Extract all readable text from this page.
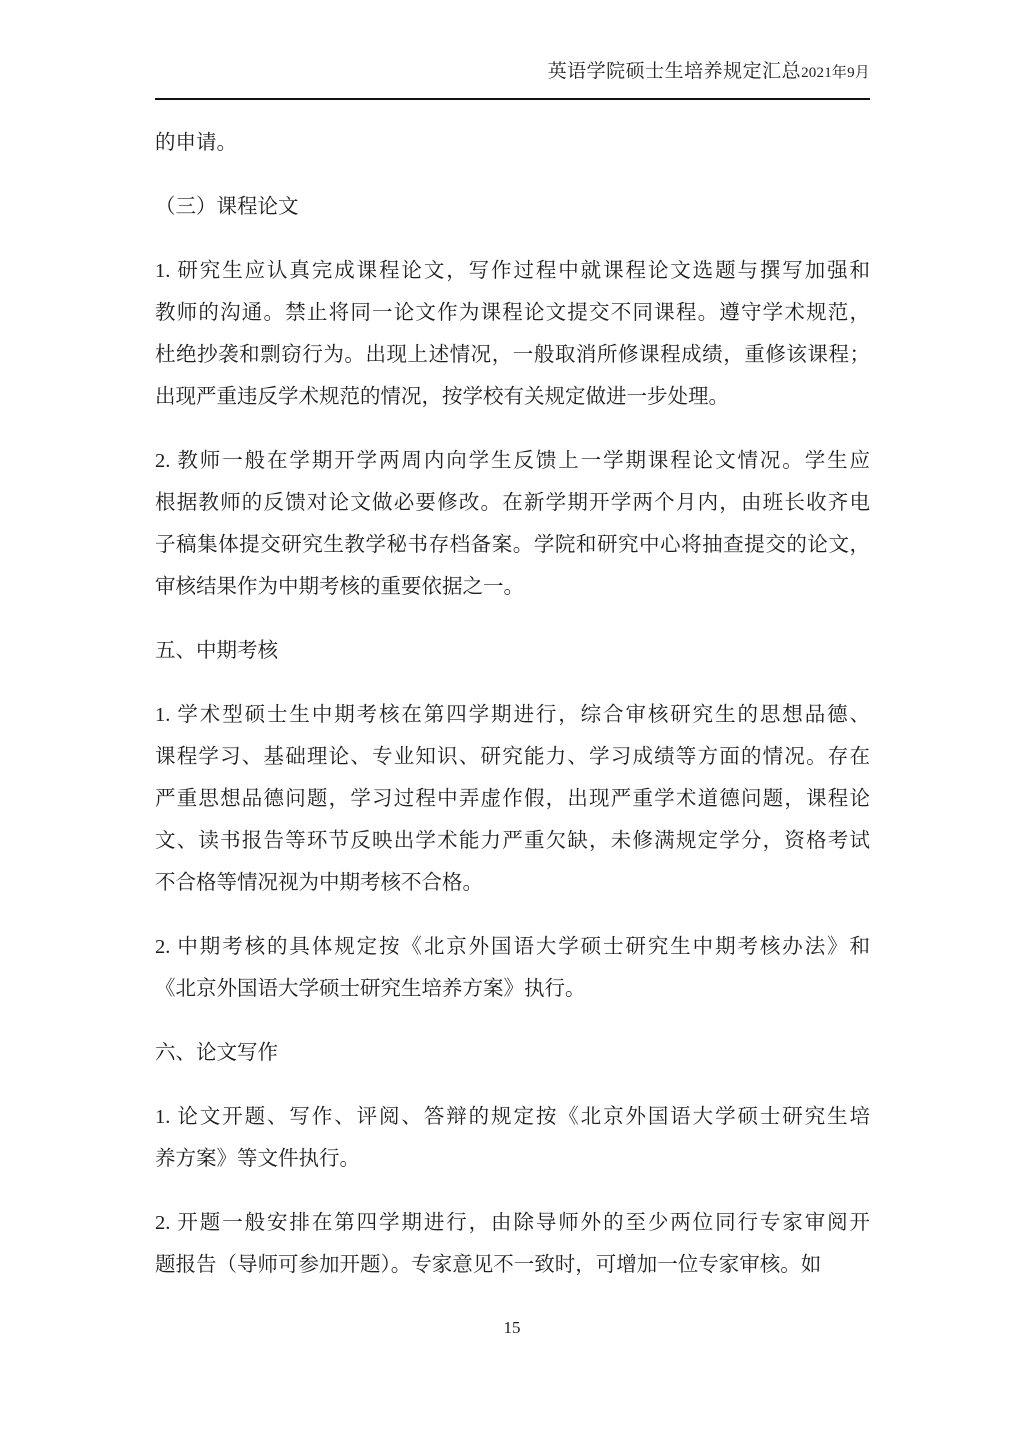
英语学院硕士生培养规定汇总2021年9月

的申请。

（三）课程论文

1. 研究生应认真完成课程论文，写作过程中就课程论文选题与撰写加强和
教师的沟通。禁止将同一论文作为课程论文提交不同课程。遵守学术规范，
杜绝抄袭和剽窃行为。出现上述情况，一般取消所修课程成绩，重修该课程；
出现严重违反学术规范的情况，按学校有关规定做进一步处理。

2. 教师一般在学期开学两周内向学生反馈上一学期课程论文情况。学生应
根据教师的反馈对论文做必要修改。在新学期开学两个月内，由班长收齐电
子稿集体提交研究生教学秘书存档备案。学院和研究中心将抽查提交的论文，
审核结果作为中期考核的重要依据之一。

五、中期考核

1. 学术型硕士生中期考核在第四学期进行，综合审核研究生的思想品德、
课程学习、基础理论、专业知识、研究能力、学习成绩等方面的情况。存在
严重思想品德问题，学习过程中弄虚作假，出现严重学术道德问题，课程论
文、读书报告等环节反映出学术能力严重欠缺，未修满规定学分，资格考试
不合格等情况视为中期考核不合格。

2. 中期考核的具体规定按《北京外国语大学硕士研究生中期考核办法》和
《北京外国语大学硕士研究生培养方案》执行。

六、论文写作

1. 论文开题、写作、评阅、答辩的规定按《北京外国语大学硕士研究生培
养方案》等文件执行。

2. 开题一般安排在第四学期进行，由除导师外的至少两位同行专家审阅开
题报告（导师可参加开题）。专家意见不一致时，可增加一位专家审核。如

15
